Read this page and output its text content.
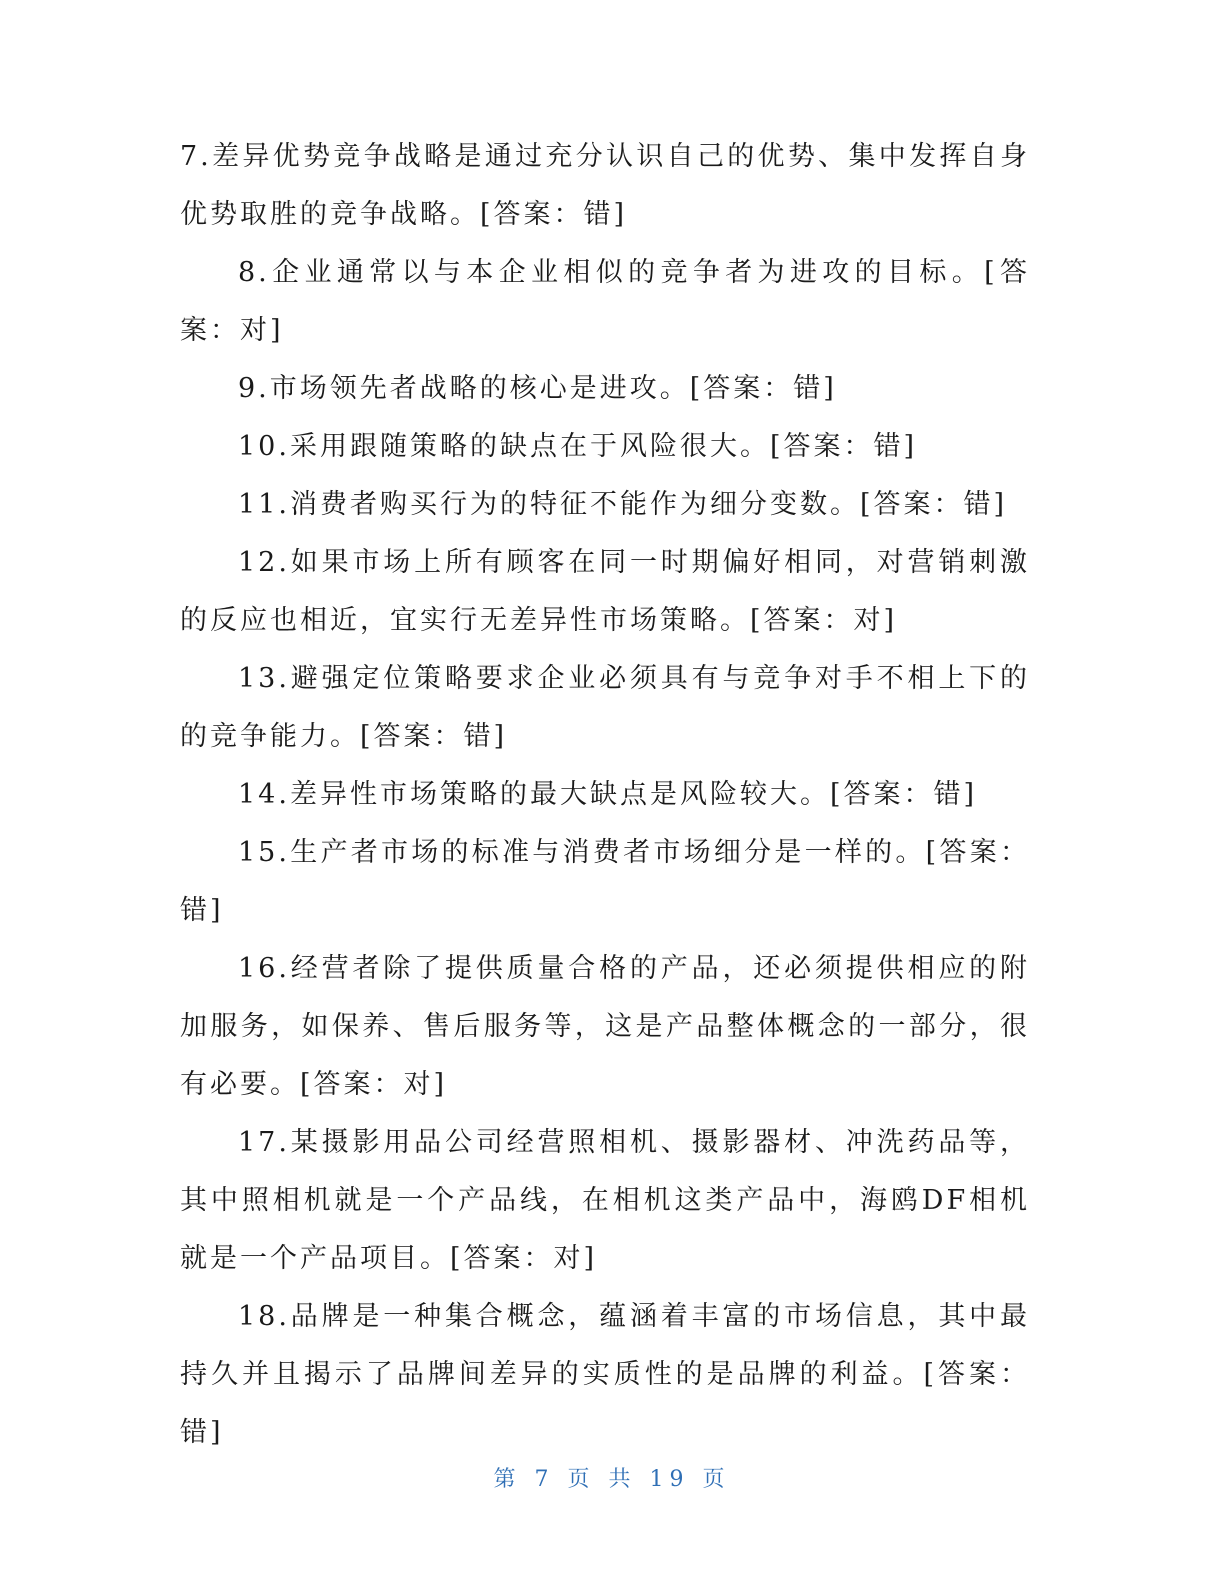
7.差异优势竞争战略是通过充分认识自己的优势、集中发挥自身优势取胜的竞争战略。[答案：错]

8.企业通常以与本企业相似的竞争者为进攻的目标。[答案：对]

9.市场领先者战略的核心是进攻。[答案：错]

10.采用跟随策略的缺点在于风险很大。[答案：错]

11.消费者购买行为的特征不能作为细分变数。[答案：错]

12.如果市场上所有顾客在同一时期偏好相同，对营销刺激的反应也相近，宜实行无差异性市场策略。[答案：对]

13.避强定位策略要求企业必须具有与竞争对手不相上下的的竞争能力。[答案：错]

14.差异性市场策略的最大缺点是风险较大。[答案：错]

15.生产者市场的标准与消费者市场细分是一样的。[答案：错]

16.经营者除了提供质量合格的产品，还必须提供相应的附加服务，如保养、售后服务等，这是产品整体概念的一部分，很有必要。[答案：对]

17.某摄影用品公司经营照相机、摄影器材、冲洗药品等，其中照相机就是一个产品线，在相机这类产品中，海鸥DF相机就是一个产品项目。[答案：对]

18.品牌是一种集合概念，蕴涵着丰富的市场信息，其中最持久并且揭示了品牌间差异的实质性的是品牌的利益。[答案：错]

第 7 页 共 19 页
